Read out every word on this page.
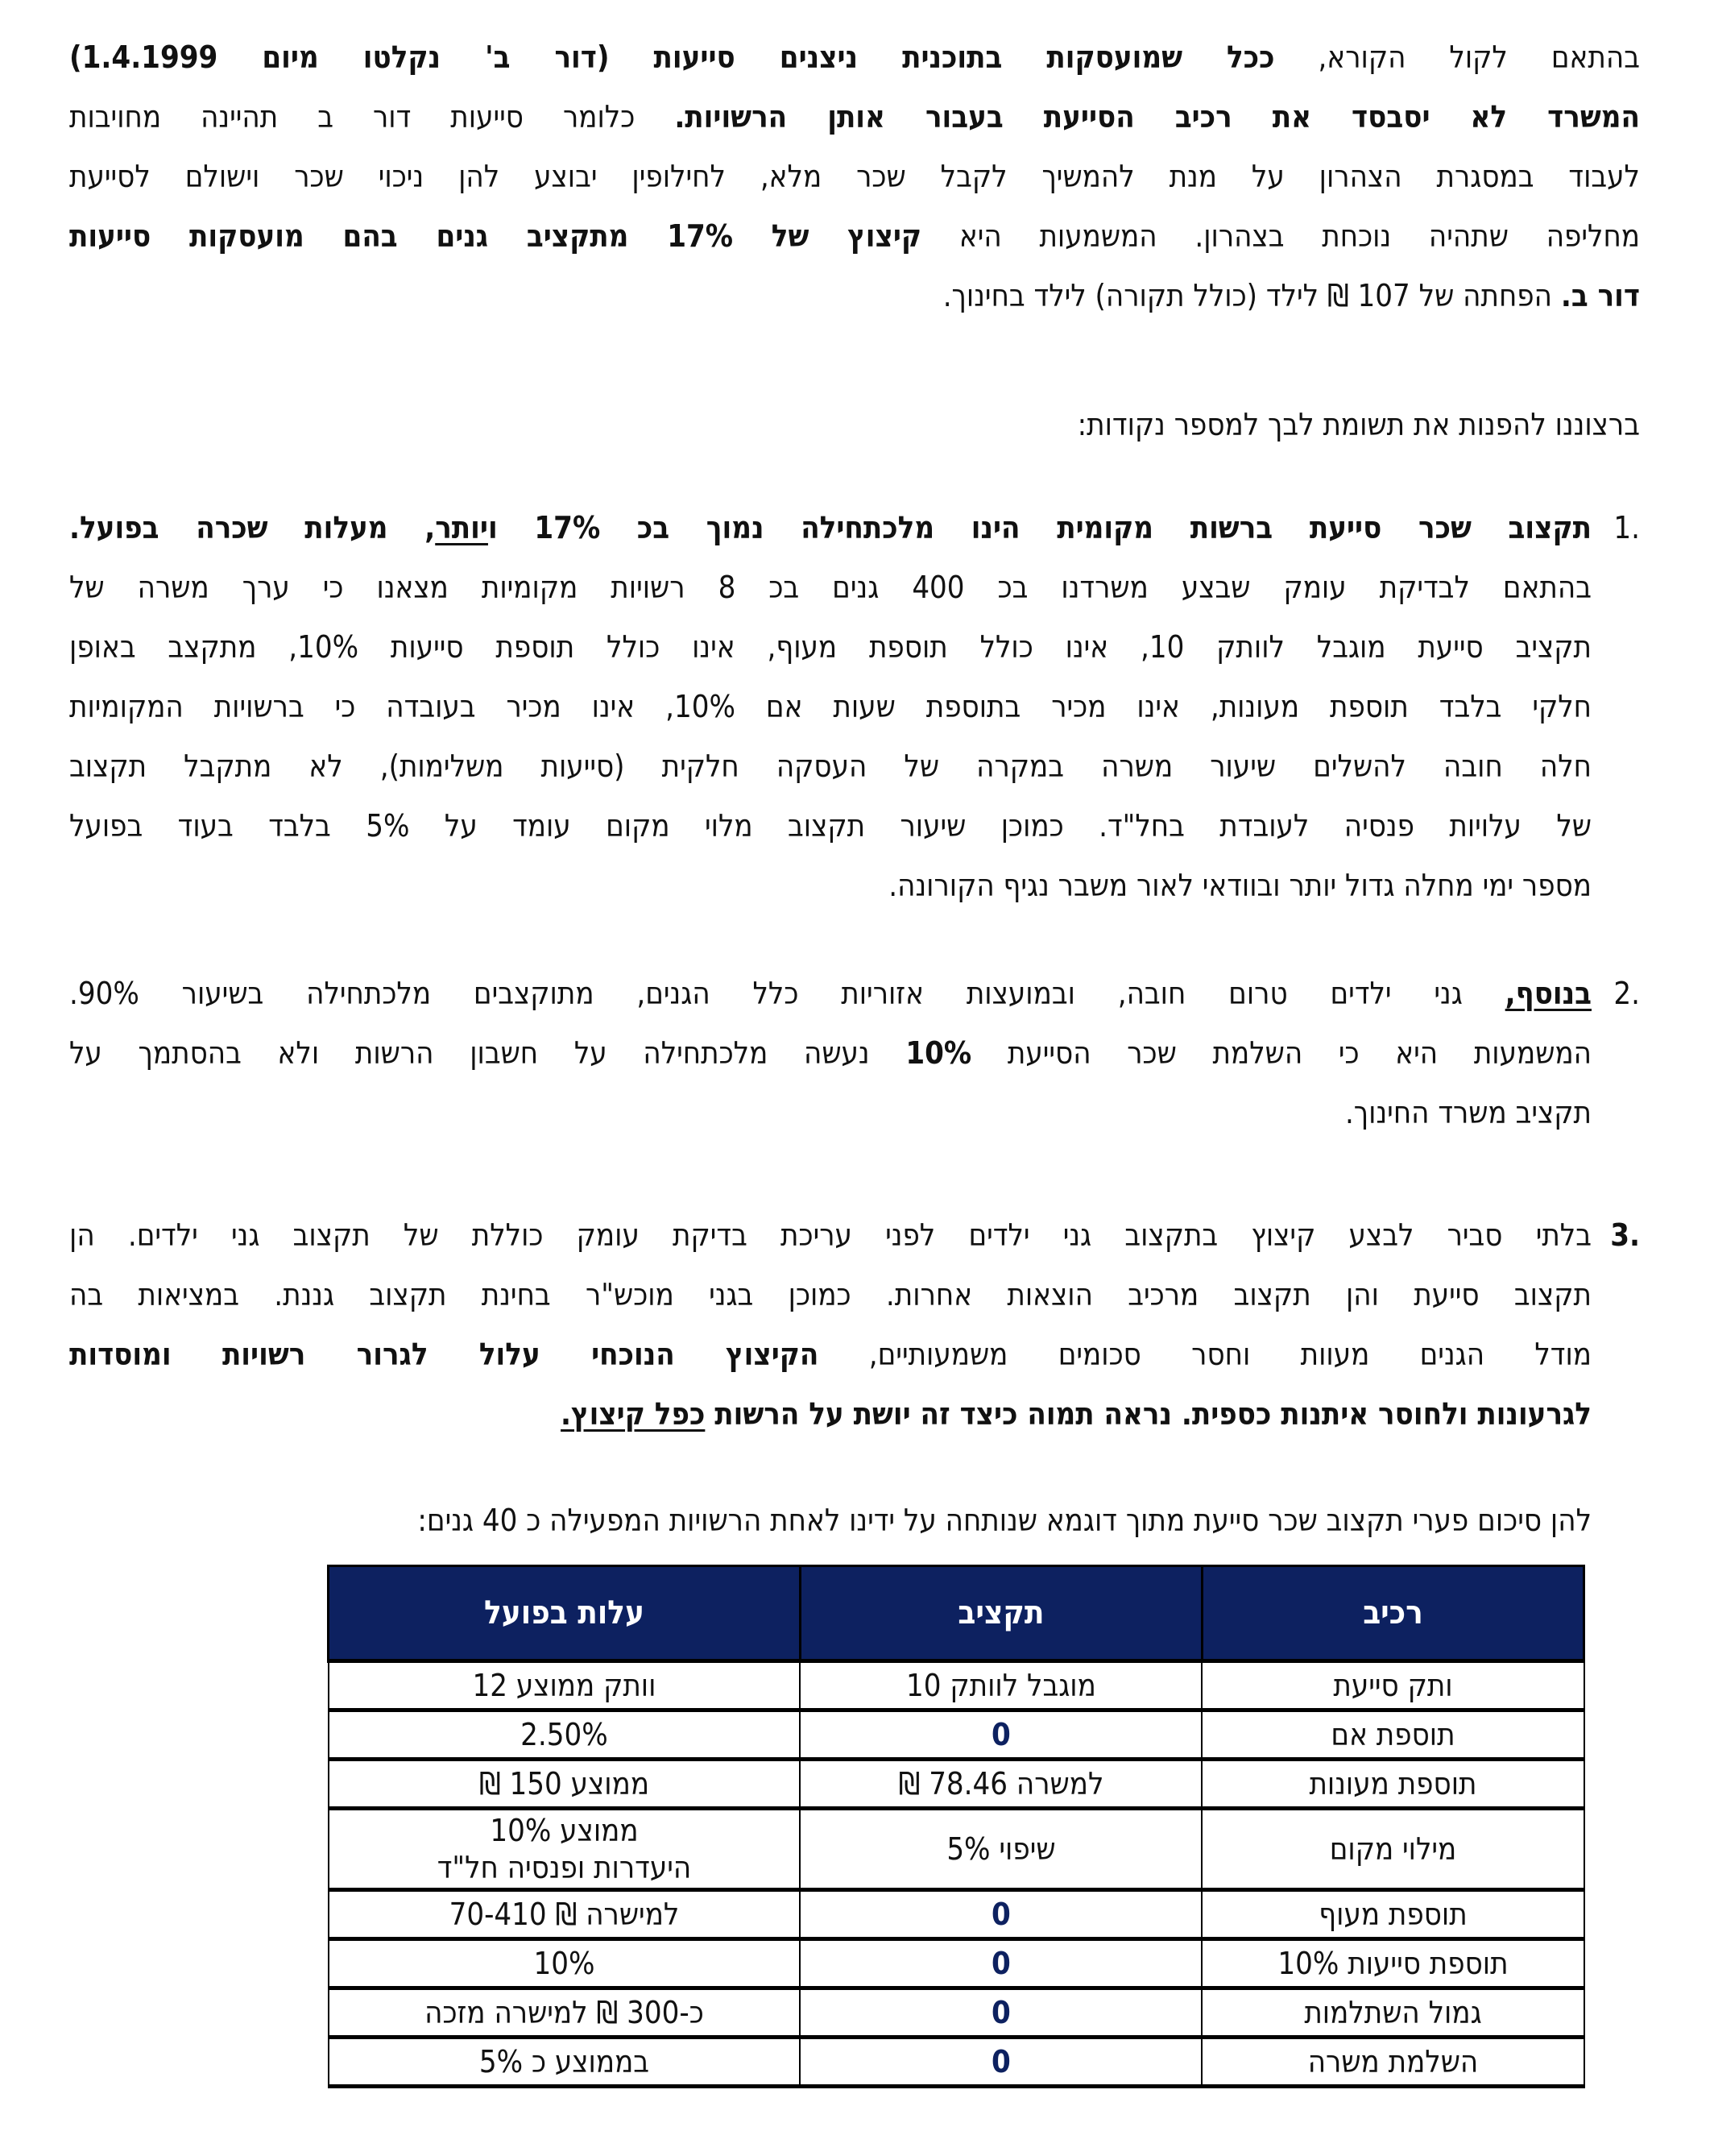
בהתאם לקול הקורא, ככל שמועסקות בתוכנית ניצנים סייעות (דור ב' נקלטו מיום 1.4.1999)
המשרד לא יסבסד את רכיב הסייעת בעבור אותן הרשויות. כלומר סייעות דור ב תהיינה מחויבות
לעבוד במסגרת הצהרון על מנת להמשיך לקבל שכר מלא, לחילופין יבוצע להן ניכוי שכר וישולם לסייעת
מחליפה שתהיה נוכחת בצהרון. המשמעות היא קיצוץ של 17% מתקציב גנים בהם מועסקות סייעות
דור ב. הפחתה של 107 ₪ לילד (כולל תקורה) לילד בחינוך.
ברצוננו להפנות את תשומת לבך למספר נקודות:
.1
תקצוב שכר סייעת ברשות מקומית הינו מלכתחילה נמוך בכ 17% ויותר, מעלות שכרה בפועל.
בהתאם לבדיקת עומק שבצע משרדנו בכ 400 גנים בכ 8 רשויות מקומיות מצאנו כי ערך משרה של
תקציב סייעת מוגבל לוותק 10, אינו כולל תוספת מעוף, אינו כולל תוספת סייעות 10%, מתקצב באופן
חלקי בלבד תוספת מעונות, אינו מכיר בתוספת שעות אם 10%, אינו מכיר בעובדה כי ברשויות המקומיות
חלה חובה להשלים שיעור משרה במקרה של העסקה חלקית (סייעות משלימות), לא מתקבל תקצוב
של עלויות פנסיה לעובדת בחל"ד. כמוכן שיעור תקצוב מלוי מקום עומד על 5% בלבד בעוד בפועל
מספר ימי מחלה גדול יותר ובוודאי לאור משבר נגיף הקורונה.
.2
בנוסף, גני ילדים טרום חובה, ובמועצות אזוריות כלל הגנים, מתוקצבים מלכתחילה בשיעור 90%.
המשמעות היא כי השלמת שכר הסייעת 10% נעשה מלכתחילה על חשבון הרשות ולא בהסתמך על
תקציב משרד החינוך.
.3
בלתי סביר לבצע קיצוץ בתקצוב גני ילדים לפני עריכת בדיקת עומק כוללת של תקצוב גני ילדים. הן
תקצוב סייעת והן תקצוב מרכיב הוצאות אחרות. כמוכן בגני מוכש"ר בחינת תקצוב גננת. במציאות בה
מודל הגנים מעוות וחסר סכומים משמעותיים, הקיצוץ הנוכחי עלול לגרור רשויות ומוסדות
לגרעונות ולחוסר איתנות כספית. נראה תמוה כיצד זה יושת על הרשות כפל קיצוץ.
להן סיכום פערי תקצוב שכר סייעת מתוך דוגמא שנותחה על ידינו לאחת הרשויות המפעילה כ 40 גנים:
רכיב	תקציב	עלות בפועל
ותק סייעת	מוגבל לוותק 10	וותק ממוצע 12

תוספת אם	0	2.50%

תוספת מעונות	למשרה 78.46 ₪	ממוצע 150 ₪

מילוי מקום	שיפוי 5%	ממוצע 10%
היעדרות ופנסיה חל"ד

תוספת מעוף	0	למישרה ₪ 70-410

תוספת סייעות 10%	0	10%

גמול השתלמות	0	כ-300 ₪ למישרה מזכה

השלמת משרה	0	בממוצע כ 5%
